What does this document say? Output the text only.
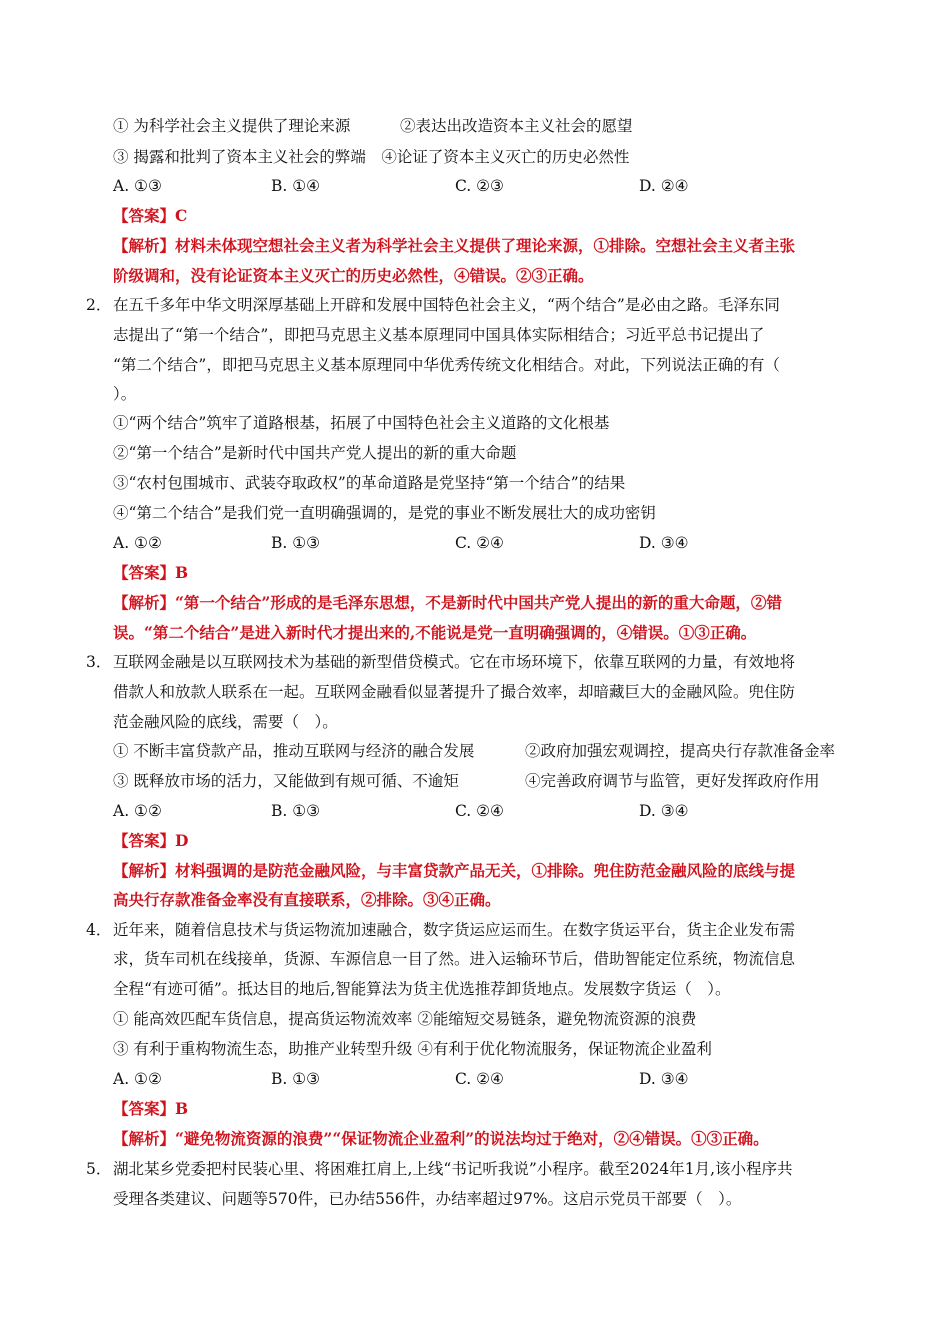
① 为科学社会主义提供了理论来源	②表达出改造资本主义社会的愿望
③ 揭露和批判了资本主义社会的弊端　④论证了资本主义灭亡的历史必然性
A. ①③	B. ①④	C. ②③	D. ②④
【答案】C
【解析】材料未体现空想社会主义者为科学社会主义提供了理论来源，①排除。空想社会主义者主张
阶级调和，没有论证资本主义灭亡的历史必然性，④错误。②③正确。
2． 在五千多年中华文明深厚基础上开辟和发展中国特色社会主义，“两个结合”是必由之路。毛泽东同
志提出了“第一个结合”，即把马克思主义基本原理同中国具体实际相结合；习近平总书记提出了
“第二个结合”，即把马克思主义基本原理同中华优秀传统文化相结合。对此，下列说法正确的有（
）。
①“两个结合”筑牢了道路根基，拓展了中国特色社会主义道路的文化根基
②“第一个结合”是新时代中国共产党人提出的新的重大命题
③“农村包围城市、武装夺取政权”的革命道路是党坚持“第一个结合”的结果
④“第二个结合”是我们党一直明确强调的，是党的事业不断发展壮大的成功密钥
A. ①②	B. ①③	C. ②④	D. ③④
【答案】B
【解析】“第一个结合”形成的是毛泽东思想，不是新时代中国共产党人提出的新的重大命题，②错
误。“第二个结合”是进入新时代才提出来的,不能说是党一直明确强调的，④错误。①③正确。
3． 互联网金融是以互联网技术为基础的新型借贷模式。它在市场环境下，依靠互联网的力量，有效地将
借款人和放款人联系在一起。互联网金融看似显著提升了撮合效率，却暗藏巨大的金融风险。兜住防
范金融风险的底线，需要（　）。
① 不断丰富贷款产品，推动互联网与经济的融合发展	②政府加强宏观调控，提高央行存款准备金率
③ 既释放市场的活力，又能做到有规可循、不逾矩	④完善政府调节与监管，更好发挥政府作用
A. ①②	B. ①③	C. ②④	D. ③④
【答案】D
【解析】材料强调的是防范金融风险，与丰富贷款产品无关，①排除。兜住防范金融风险的底线与提
高央行存款准备金率没有直接联系，②排除。③④正确。
4． 近年来，随着信息技术与货运物流加速融合，数字货运应运而生。在数字货运平台，货主企业发布需
求，货车司机在线接单，货源、车源信息一目了然。进入运输环节后，借助智能定位系统，物流信息
全程“有迹可循”。抵达目的地后,智能算法为货主优选推荐卸货地点。发展数字货运（　）。
① 能高效匹配车货信息，提高货运物流效率 ②能缩短交易链条，避免物流资源的浪费
③ 有利于重构物流生态，助推产业转型升级 ④有利于优化物流服务，保证物流企业盈利
A. ①②	B. ①③	C. ②④	D. ③④
【答案】B
【解析】“避免物流资源的浪费”“保证物流企业盈利”的说法均过于绝对，②④错误。①③正确。
5． 湖北某乡党委把村民装心里、将困难扛肩上,上线“书记听我说”小程序。截至2024年1月,该小程序共
受理各类建议、问题等570件，已办结556件，办结率超过97%。这启示党员干部要（　）。
